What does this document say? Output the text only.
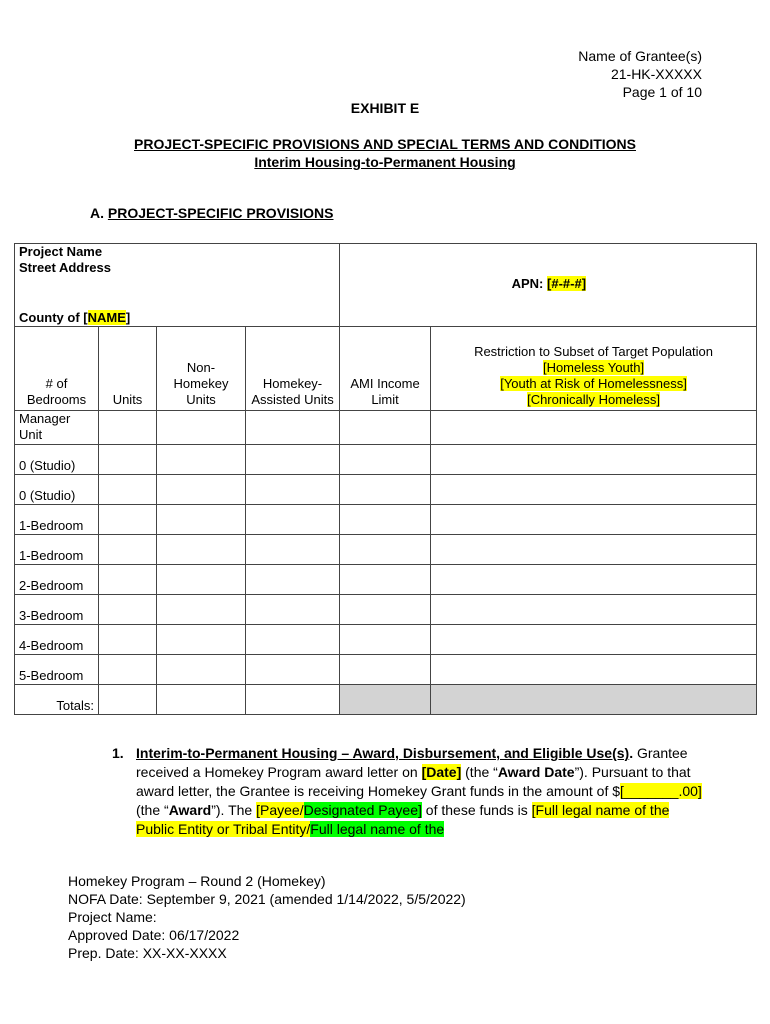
Name of Grantee(s)
21-HK-XXXXX
Page 1 of 10
EXHIBIT E
PROJECT-SPECIFIC PROVISIONS AND SPECIAL TERMS AND CONDITIONS
Interim Housing-to-Permanent Housing
A. PROJECT-SPECIFIC PROVISIONS
Project Name
Street Address
County of [NAME]				APN: [#-#-#]	
# of Bedrooms	Units	Non-Homekey Units	Homekey-Assisted Units	AMI Income Limit	Restriction to Subset of Target Population
[Homeless Youth]
[Youth at Risk of Homelessness]
[Chronically Homeless]

Manager Unit					
0 (Studio)					
0 (Studio)					
1-Bedroom					
1-Bedroom					
2-Bedroom					
3-Bedroom					
4-Bedroom					
5-Bedroom					
Totals:					
1. Interim-to-Permanent Housing – Award, Disbursement, and Eligible Use(s). Grantee received a Homekey Program award letter on [Date] (the “Award Date”). Pursuant to that award letter, the Grantee is receiving Homekey Grant funds in the amount of $[_______.00] (the “Award”). The [Payee/Designated Payee] of these funds is [Full legal name of the Public Entity or Tribal Entity/Full legal name of the
Homekey Program – Round 2 (Homekey)
NOFA Date: September 9, 2021 (amended 1/14/2022, 5/5/2022)
Project Name:
Approved Date: 06/17/2022
Prep. Date: XX-XX-XXXX
